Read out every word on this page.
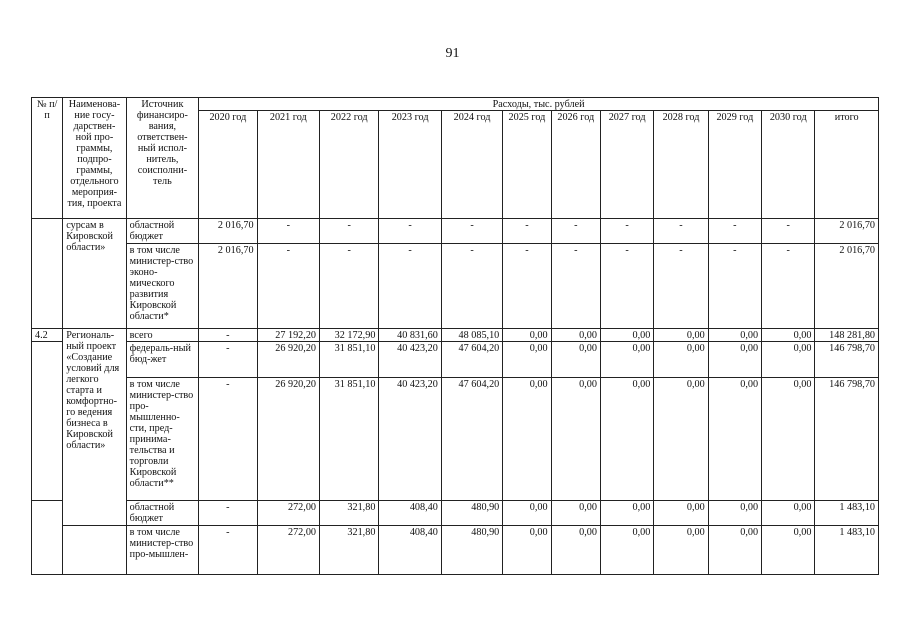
91
№ п/п	Наименова-ние госу-дарствен-ной про-граммы, подпро-граммы, отдельного мероприя-тия, проекта	Источник финансиро-вания, ответствен-ный испол-нитель, соисполни-тель	Расходы, тыс. рублей											
			2020 год	2021 год	2022 год	2023 год	2024 год	2025 год	2026 год	2027 год	2028 год	2029 год	2030 год	итого
	сурсам в Кировской области»	областной бюджет	2 016,70	-	-	-	-	-	-	-	-	-	-	2 016,70
		в том числе министер-ство эконо-мического развития Кировской области*	2 016,70	-	-	-	-	-	-	-	-	-	-	2 016,70
4.2	Региональ-ный проект «Создание условий для легкого старта и комфортно-го ведения бизнеса в Кировской области»	всего	-	27 192,20	32 172,90	40 831,60	48 085,10	0,00	0,00	0,00	0,00	0,00	0,00	148 281,80
		федераль-ный бюд-жет	-	26 920,20	31 851,10	40 423,20	47 604,20	0,00	0,00	0,00	0,00	0,00	0,00	146 798,70
		в том числе министер-ство про-мышленно-сти, пред-принима-тельства и торговли Кировской области**	-	26 920,20	31 851,10	40 423,20	47 604,20	0,00	0,00	0,00	0,00	0,00	0,00	146 798,70
		областной бюджет	-	272,00	321,80	408,40	480,90	0,00	0,00	0,00	0,00	0,00	0,00	1 483,10
		в том числе министер-ство про-мышлен-	-	272,00	321,80	408,40	480,90	0,00	0,00	0,00	0,00	0,00	0,00	1 483,10
